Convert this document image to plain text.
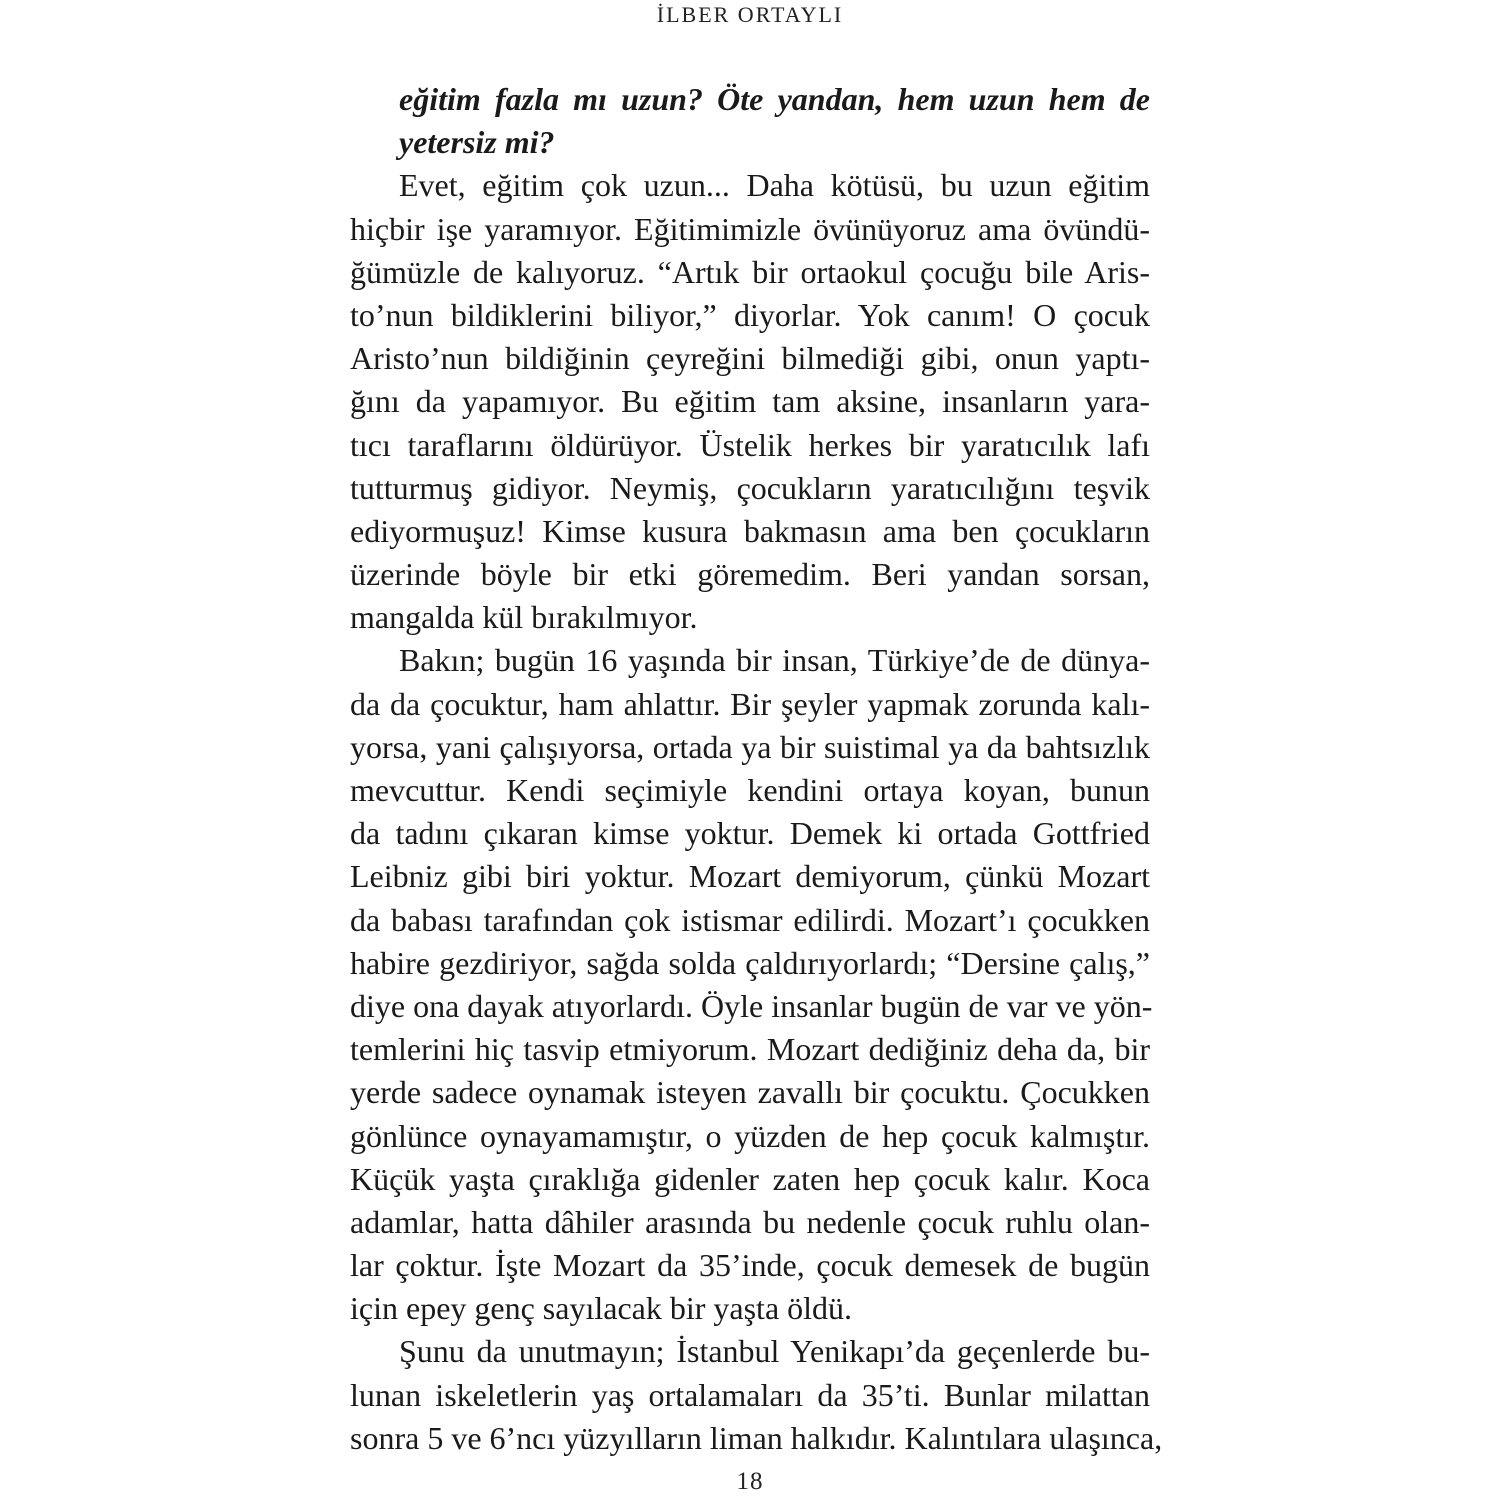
İLBER ORTAYLI
eğitim fazla mı uzun? Öte yandan, hem uzun hem de
yetersiz mi?
Evet, eğitim çok uzun... Daha kötüsü, bu uzun eğitim
hiçbir işe yaramıyor. Eğitimimizle övünüyoruz ama övündü-
ğümüzle de kalıyoruz. “Artık bir ortaokul çocuğu bile Aris-
to’nun bildiklerini biliyor,” diyorlar. Yok canım! O çocuk
Aristo’nun bildiğinin çeyreğini bilmediği gibi, onun yaptı-
ğını da yapamıyor. Bu eğitim tam aksine, insanların yara-
tıcı taraflarını öldürüyor. Üstelik herkes bir yaratıcılık lafı
tutturmuş gidiyor. Neymiş, çocukların yaratıcılığını teşvik
ediyormuşuz! Kimse kusura bakmasın ama ben çocukların
üzerinde böyle bir etki göremedim. Beri yandan sorsan,
mangalda kül bırakılmıyor.
Bakın; bugün 16 yaşında bir insan, Türkiye’de de dünya-
da da çocuktur, ham ahlattır. Bir şeyler yapmak zorunda kalı-
yorsa, yani çalışıyorsa, ortada ya bir suistimal ya da bahtsızlık
mevcuttur. Kendi seçimiyle kendini ortaya koyan, bunun
da tadını çıkaran kimse yoktur. Demek ki ortada Gottfried
Leibniz gibi biri yoktur. Mozart demiyorum, çünkü Mozart
da babası tarafından çok istismar edilirdi. Mozart’ı çocukken
habire gezdiriyor, sağda solda çaldırıyorlardı; “Dersine çalış,”
diye ona dayak atıyorlardı. Öyle insanlar bugün de var ve yön-
temlerini hiç tasvip etmiyorum. Mozart dediğiniz deha da, bir
yerde sadece oynamak isteyen zavallı bir çocuktu. Çocukken
gönlünce oynayamamıştır, o yüzden de hep çocuk kalmıştır.
Küçük yaşta çıraklığa gidenler zaten hep çocuk kalır. Koca
adamlar, hatta dâhiler arasında bu nedenle çocuk ruhlu olan-
lar çoktur. İşte Mozart da 35’inde, çocuk demesek de bugün
için epey genç sayılacak bir yaşta öldü.
Şunu da unutmayın; İstanbul Yenikapı’da geçenlerde bu-
lunan iskeletlerin yaş ortalamaları da 35’ti. Bunlar milattan
sonra 5 ve 6’ncı yüzyılların liman halkıdır. Kalıntılara ulaşınca,
18
